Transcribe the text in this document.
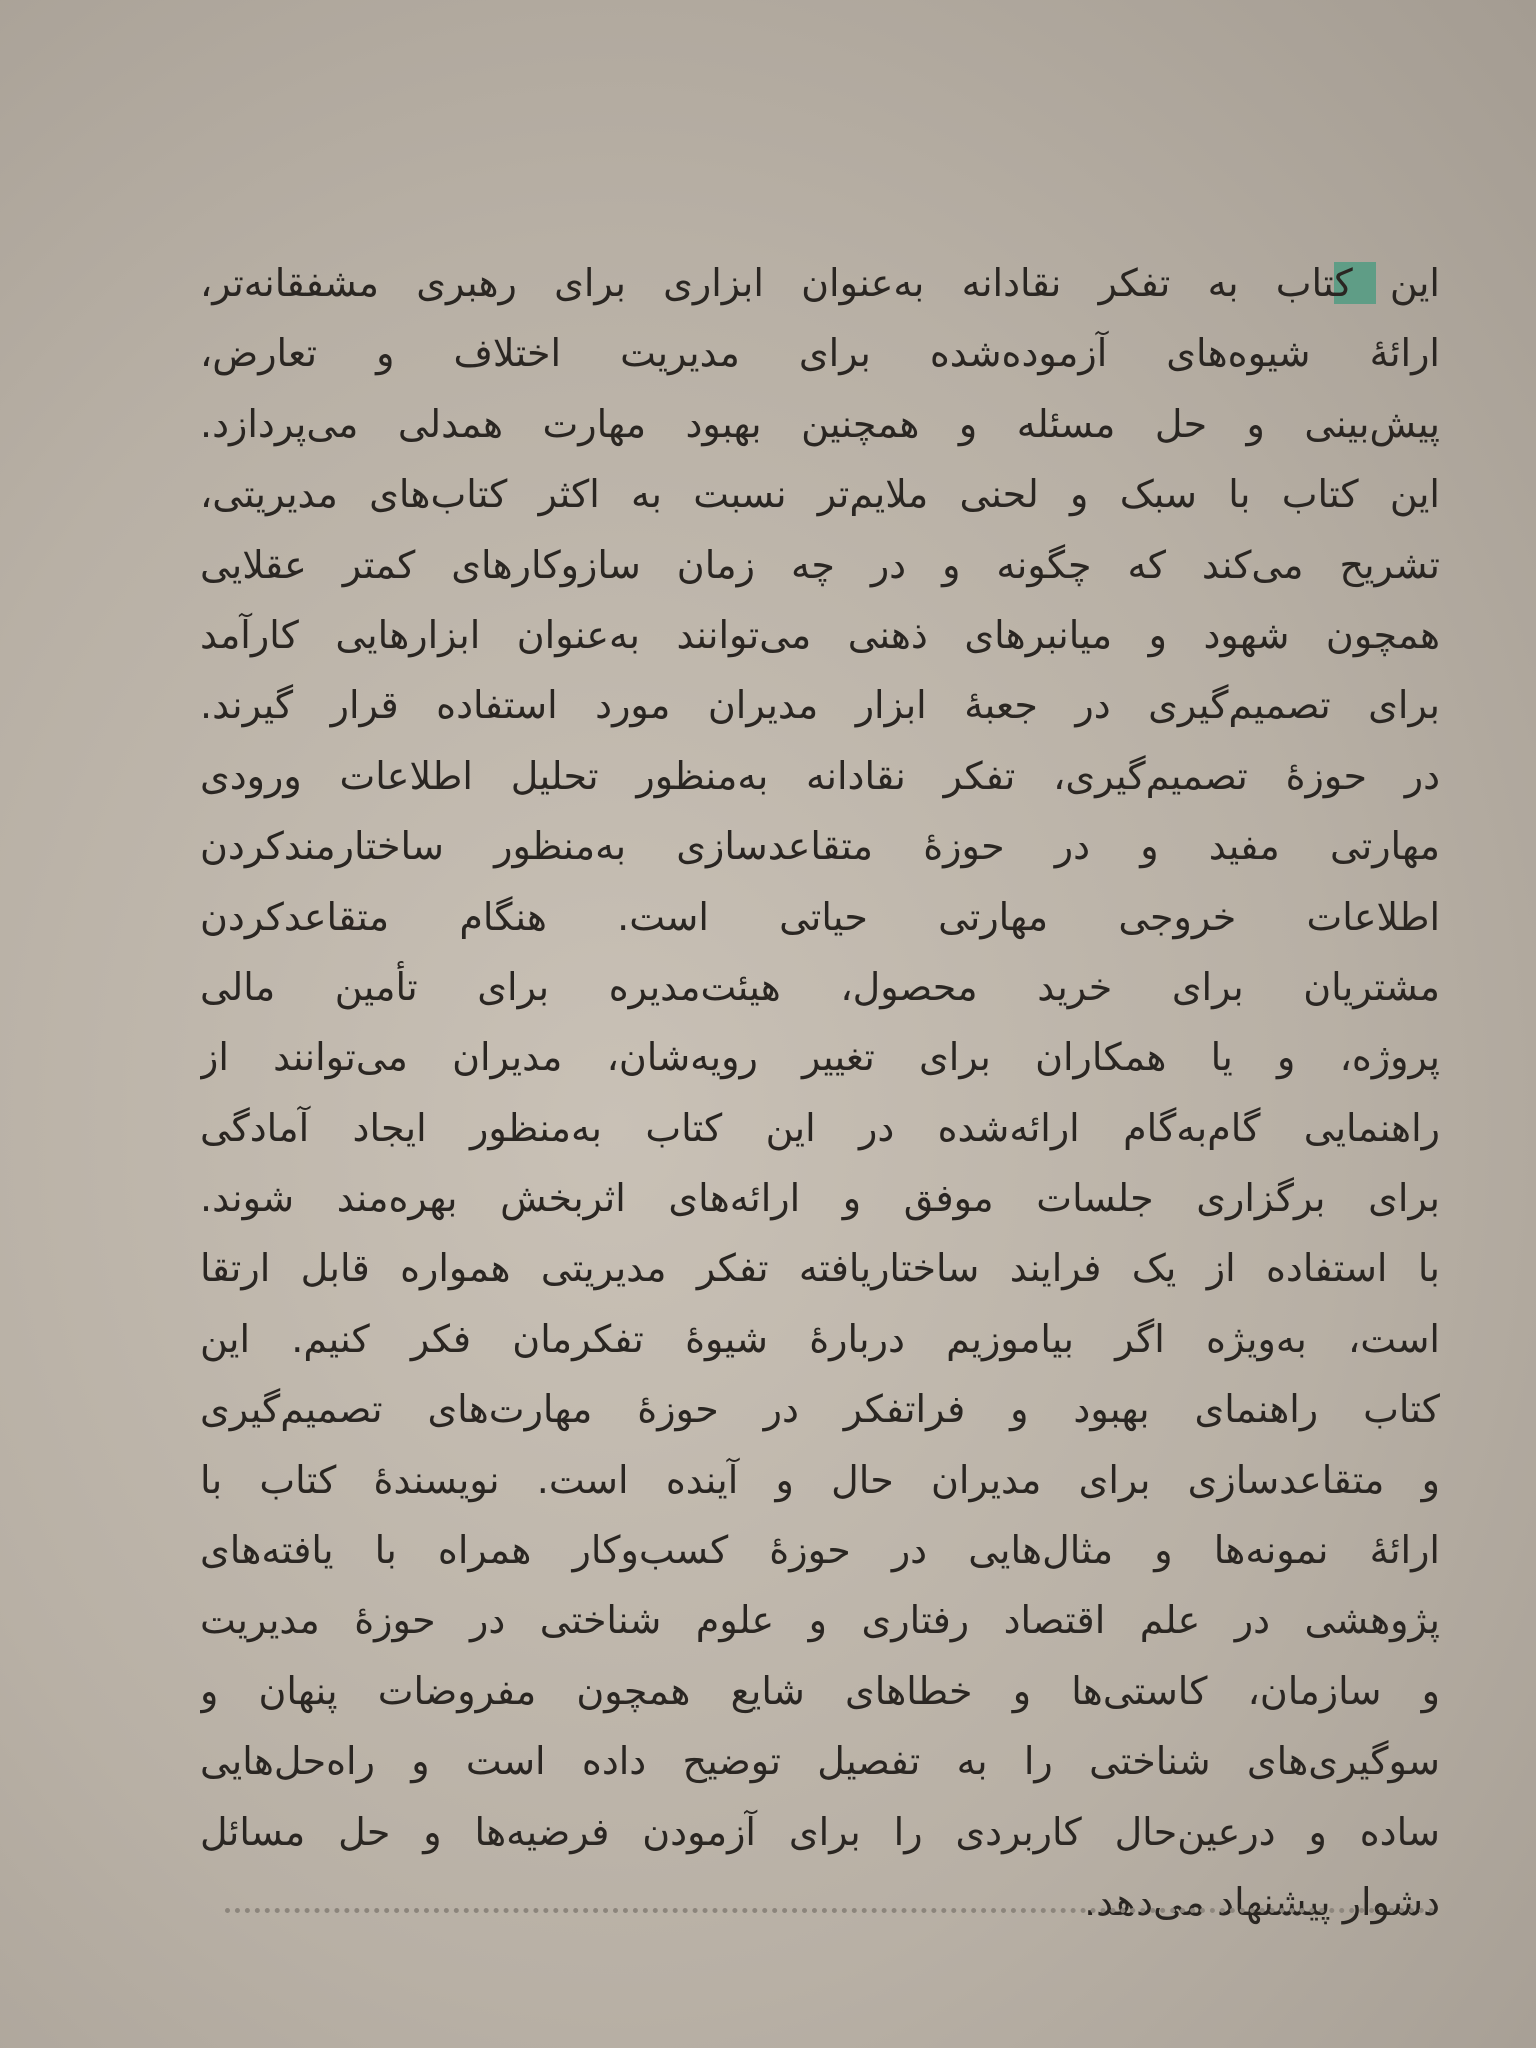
این کتاب به تفکر نقادانه به‌عنوان ابزاری برای رهبری مشفقانه‌تر،
ارائهٔ شیوه‌های آزموده‌شده برای مدیریت اختلاف و تعارض،
پیش‌بینی و حل مسئله و همچنین بهبود مهارت همدلی می‌پردازد.
این کتاب با سبک و لحنی ملایم‌تر نسبت به اکثر کتاب‌های مدیریتی،
تشریح می‌کند که چگونه و در چه زمان سازوکارهای کمتر عقلایی
همچون شهود و میانبرهای ذهنی می‌توانند به‌عنوان ابزارهایی کارآمد
برای تصمیم‌گیری در جعبهٔ ابزار مدیران مورد استفاده قرار گیرند.
در حوزهٔ تصمیم‌گیری، تفکر نقادانه به‌منظور تحلیل اطلاعات ورودی
مهارتی مفید و در حوزهٔ متقاعدسازی به‌منظور ساختارمندکردن
اطلاعات خروجی مهارتی حیاتی است. هنگام متقاعدکردن
مشتریان برای خرید محصول، هیئت‌مدیره برای تأمین مالی
پروژه، و یا همکاران برای تغییر رویه‌شان، مدیران می‌توانند از
راهنمایی گام‌به‌گام ارائه‌شده در این کتاب به‌منظور ایجاد آمادگی
برای برگزاری جلسات موفق و ارائه‌های اثربخش بهره‌مند شوند.
با استفاده از یک فرایند ساختاریافته تفکر مدیریتی همواره قابل ارتقا
است، به‌ویژه اگر بیاموزیم دربارهٔ شیوهٔ تفکرمان فکر کنیم. این
کتاب راهنمای بهبود و فراتفکر در حوزهٔ مهارت‌های تصمیم‌گیری
و متقاعدسازی برای مدیران حال و آینده است. نویسندهٔ کتاب با
ارائهٔ نمونه‌ها و مثال‌هایی در حوزهٔ کسب‌وکار همراه با یافته‌های
پژوهشی در علم اقتصاد رفتاری و علوم شناختی در حوزهٔ مدیریت
و سازمان، کاستی‌ها و خطاهای شایع همچون مفروضات پنهان و
سوگیری‌های شناختی را به تفصیل توضیح داده است و راه‌حل‌هایی
ساده و درعین‌حال کاربردی را برای آزمودن فرضیه‌ها و حل مسائل
دشوار پیشنهاد می‌دهد.
